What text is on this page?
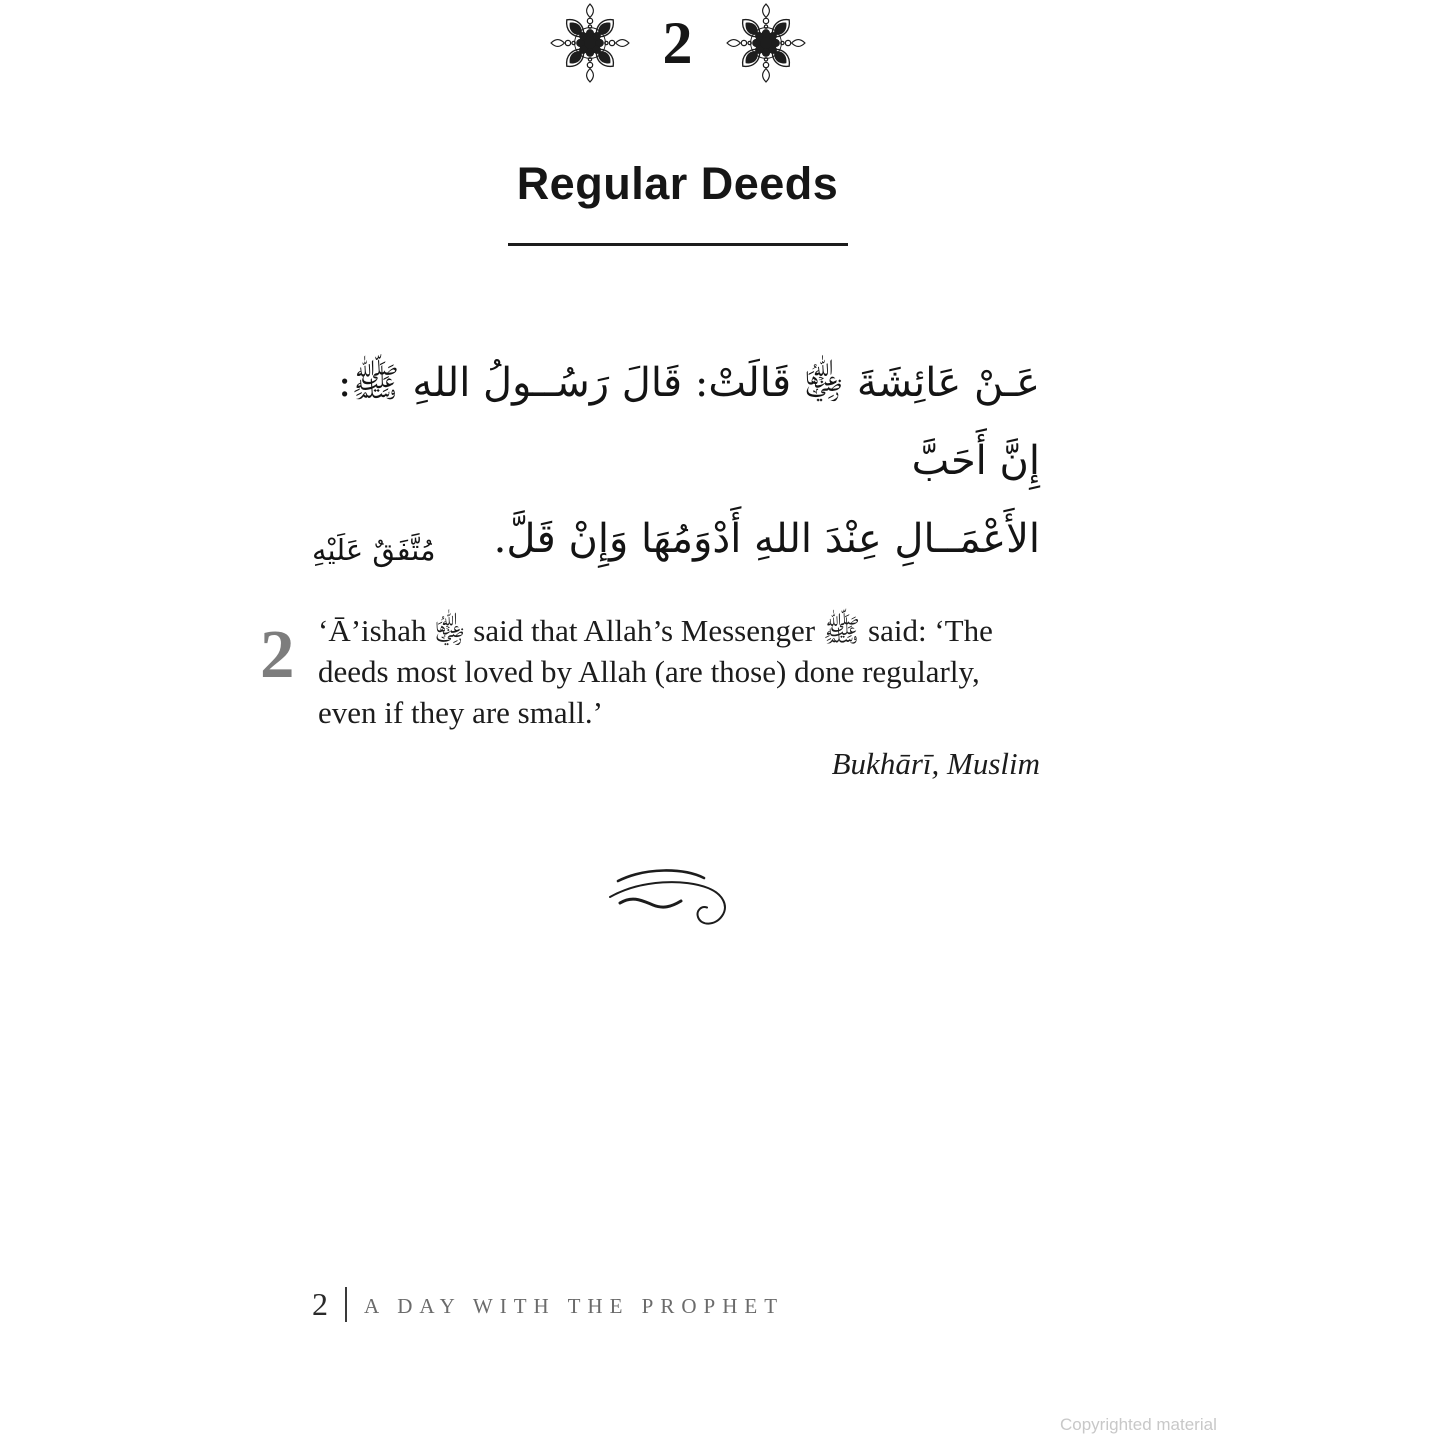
2
Regular Deeds
عَـنْ عَائِشَةَ ﵂ قَالَتْ: قَالَ رَسُــولُ اللهِ ﷺ: إِنَّ أَحَبَّ
الأَعْمَــالِ عِنْدَ اللهِ أَدْوَمُهَا وَإِنْ قَلَّ.
مُتَّفَقٌ عَلَيْهِ
2 ‘Ā’ishah ﵂ said that Allah’s Messenger ﷺ said: ‘The
deeds most loved by Allah (are those) done regularly,
even if they are small.’
Bukhārī, Muslim
2 A DAY WITH THE PROPHET
Copyrighted material
